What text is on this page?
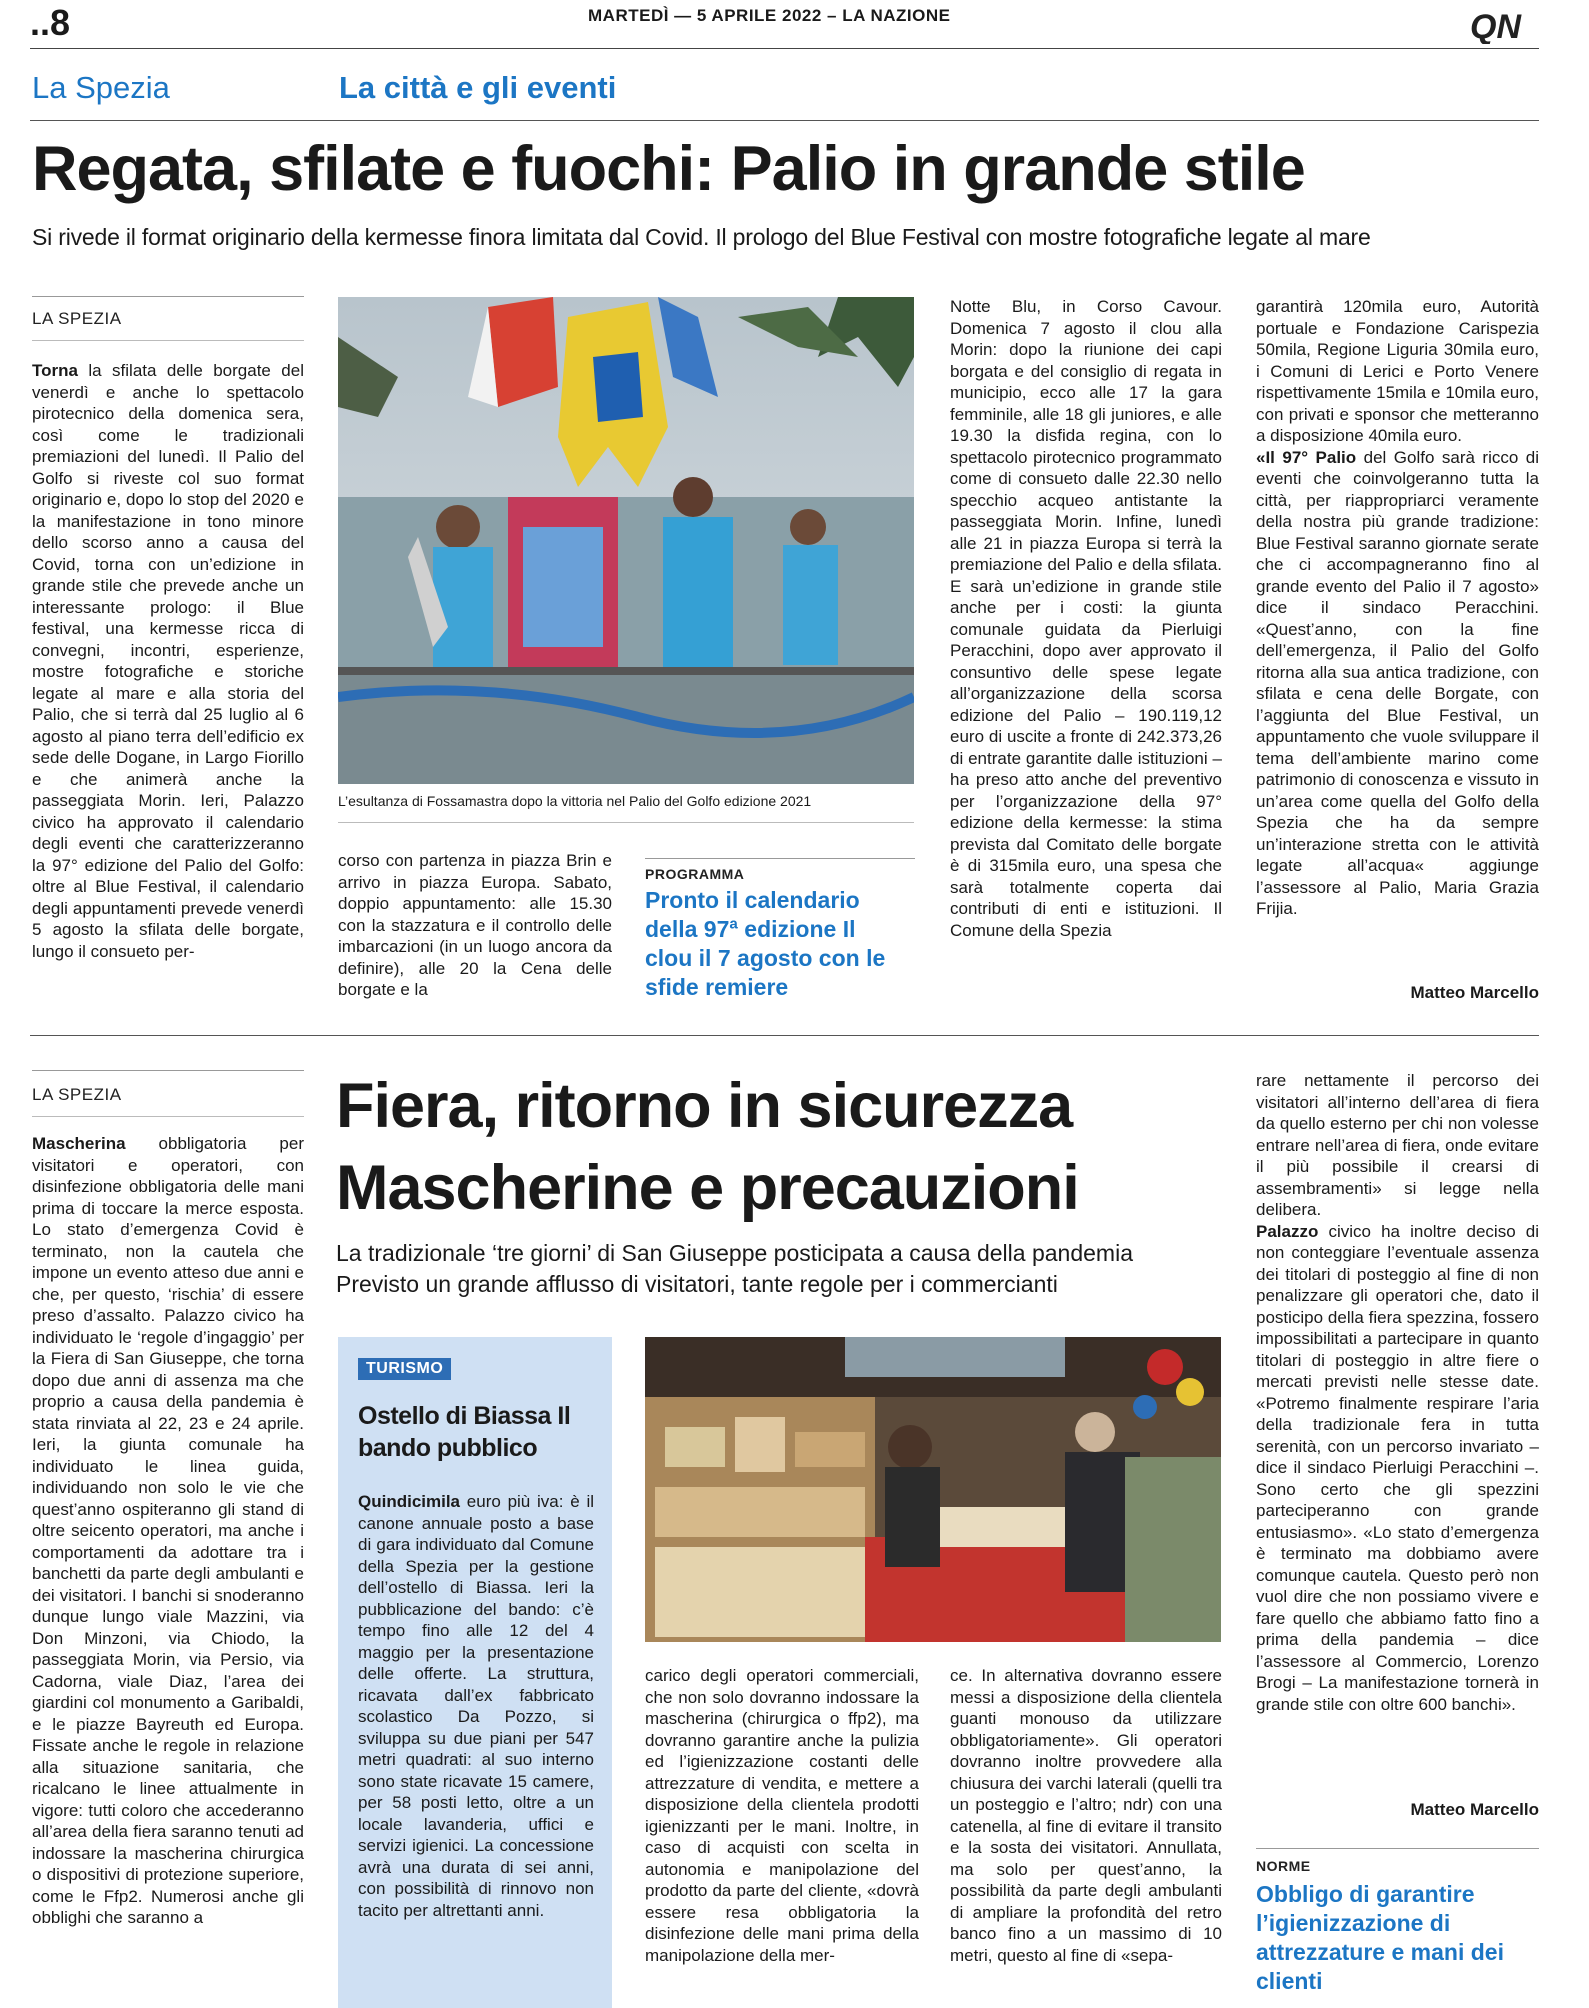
..8	MARTEDÌ — 5 APRILE 2022 – LA NAZIONE	QN
La Spezia	La città e gli eventi
Regata, sfilate e fuochi: Palio in grande stile
Si rivede il format originario della kermesse finora limitata dal Covid. Il prologo del Blue Festival con mostre fotografiche legate al mare
LA SPEZIA
Torna la sfilata delle borgate del venerdì e anche lo spettacolo pirotecnico della domenica sera, così come le tradizionali premiazioni del lunedì. Il Palio del Golfo si riveste col suo format originario e, dopo lo stop del 2020 e la manifestazione in tono minore dello scorso anno a causa del Covid, torna con un’edizione in grande stile che prevede anche un interessante prologo: il Blue festival, una kermesse ricca di convegni, incontri, esperienze, mostre fotografiche e storiche legate al mare e alla storia del Palio, che si terrà dal 25 luglio al 6 agosto al piano terra dell’edificio ex sede delle Dogane, in Largo Fiorillo e che animerà anche la passeggiata Morin. Ieri, Palazzo civico ha approvato il calendario degli eventi che caratterizzeranno la 97° edizione del Palio del Golfo: oltre al Blue Festival, il calendario degli appuntamenti prevede venerdì 5 agosto la sfilata delle borgate, lungo il consueto per-
L’esultanza di Fossamastra dopo la vittoria nel Palio del Golfo edizione 2021
corso con partenza in piazza Brin e arrivo in piazza Europa. Sabato, doppio appuntamento: alle 15.30 con la stazzatura e il controllo delle imbarcazioni (in un luogo ancora da definire), alle 20 la Cena delle borgate e la
PROGRAMMA
Pronto il calendario della 97ª edizione Il clou il 7 agosto con le sfide remiere
Notte Blu, in Corso Cavour. Domenica 7 agosto il clou alla Morin: dopo la riunione dei capi borgata e del consiglio di regata in municipio, ecco alle 17 la gara femminile, alle 18 gli juniores, e alle 19.30 la disfida regina, con lo spettacolo pirotecnico programmato come di consueto dalle 22.30 nello specchio acqueo antistante la passeggiata Morin. Infine, lunedì alle 21 in piazza Europa si terrà la premiazione del Palio e della sfilata. E sarà un’edizione in grande stile anche per i costi: la giunta comunale guidata da Pierluigi Peracchini, dopo aver approvato il consuntivo delle spese legate all’organizzazione della scorsa edizione del Palio – 190.119,12 euro di uscite a fronte di 242.373,26 di entrate garantite dalle istituzioni – ha preso atto anche del preventivo per l’organizzazione della 97° edizione della kermesse: la stima prevista dal Comitato delle borgate è di 315mila euro, una spesa che sarà totalmente coperta dai contributi di enti e istituzioni. Il Comune della Spezia
garantirà 120mila euro, Autorità portuale e Fondazione Carispezia 50mila, Regione Liguria 30mila euro, i Comuni di Lerici e Porto Venere rispettivamente 15mila e 10mila euro, con privati e sponsor che metteranno a disposizione 40mila euro.
«Il 97° Palio del Golfo sarà ricco di eventi che coinvolgeranno tutta la città, per riappropriarci veramente della nostra più grande tradizione: Blue Festival saranno giornate serate che ci accompagneranno fino al grande evento del Palio il 7 agosto» dice il sindaco Peracchini. «Quest’anno, con la fine dell’emergenza, il Palio del Golfo ritorna alla sua antica tradizione, con sfilata e cena delle Borgate, con l’aggiunta del Blue Festival, un appuntamento che vuole sviluppare il tema dell’ambiente marino come patrimonio di conoscenza e vissuto in un’area come quella del Golfo della Spezia che ha da sempre un’interazione stretta con le attività legate all’acqua« aggiunge l’assessore al Palio, Maria Grazia Frijia.
Matteo Marcello
LA SPEZIA
Mascherina obbligatoria per visitatori e operatori, con disinfezione obbligatoria delle mani prima di toccare la merce esposta. Lo stato d’emergenza Covid è terminato, non la cautela che impone un evento atteso due anni e che, per questo, ‘rischia’ di essere preso d’assalto. Palazzo civico ha individuato le ‘regole d’ingaggio’ per la Fiera di San Giuseppe, che torna dopo due anni di assenza ma che proprio a causa della pandemia è stata rinviata al 22, 23 e 24 aprile. Ieri, la giunta comunale ha individuato le linea guida, individuando non solo le vie che quest’anno ospiteranno gli stand di oltre seicento operatori, ma anche i comportamenti da adottare tra i banchetti da parte degli ambulanti e dei visitatori. I banchi si snoderanno dunque lungo viale Mazzini, via Don Minzoni, via Chiodo, la passeggiata Morin, via Persio, via Cadorna, viale Diaz, l’area dei giardini col monumento a Garibaldi, e le piazze Bayreuth ed Europa. Fissate anche le regole in relazione alla situazione sanitaria, che ricalcano le linee attualmente in vigore: tutti coloro che accederanno all’area della fiera saranno tenuti ad indossare la mascherina chirurgica o dispositivi di protezione superiore, come le Ffp2. Numerosi anche gli obblighi che saranno a
Fiera, ritorno in sicurezza
Mascherine e precauzioni
La tradizionale ‘tre giorni’ di San Giuseppe posticipata a causa della pandemia
Previsto un grande afflusso di visitatori, tante regole per i commercianti
TURISMO
Ostello di Biassa Il bando pubblico
Quindicimila euro più iva: è il canone annuale posto a base di gara individuato dal Comune della Spezia per la gestione dell’ostello di Biassa. Ieri la pubblicazione del bando: c’è tempo fino alle 12 del 4 maggio per la presentazione delle offerte. La struttura, ricavata dall’ex fabbricato scolastico Da Pozzo, si sviluppa su due piani per 547 metri quadrati: al suo interno sono state ricavate 15 camere, per 58 posti letto, oltre a un locale lavanderia, uffici e servizi igienici. La concessione avrà una durata di sei anni, con possibilità di rinnovo non tacito per altrettanti anni.
carico degli operatori commerciali, che non solo dovranno indossare la mascherina (chirurgica o ffp2), ma dovranno garantire anche la pulizia ed l’igienizzazione costanti delle attrezzature di vendita, e mettere a disposizione della clientela prodotti igienizzanti per le mani. Inoltre, in caso di acquisti con scelta in autonomia e manipolazione del prodotto da parte del cliente, «dovrà essere resa obbligatoria la disinfezione delle mani prima della manipolazione della mer-
ce. In alternativa dovranno essere messi a disposizione della clientela guanti monouso da utilizzare obbligatoriamente». Gli operatori dovranno inoltre provvedere alla chiusura dei varchi laterali (quelli tra un posteggio e l’altro; ndr) con una catenella, al fine di evitare il transito e la sosta dei visitatori. Annullata, ma solo per quest’anno, la possibilità da parte degli ambulanti di ampliare la profondità del retro banco fino a un massimo di 10 metri, questo al fine di «sepa-
rare nettamente il percorso dei visitatori all’interno dell’area di fiera da quello esterno per chi non volesse entrare nell’area di fiera, onde evitare il più possibile il crearsi di assembramenti» si legge nella delibera.
Palazzo civico ha inoltre deciso di non conteggiare l’eventuale assenza dei titolari di posteggio al fine di non penalizzare gli operatori che, dato il posticipo della fiera spezzina, fossero impossibilitati a partecipare in quanto titolari di posteggio in altre fiere o mercati previsti nelle stesse date. «Potremo finalmente respirare l’aria della tradizionale fera in tutta serenità, con un percorso invariato – dice il sindaco Pierluigi Peracchini –. Sono certo che gli spezzini parteciperanno con grande entusiasmo». «Lo stato d’emergenza è terminato ma dobbiamo avere comunque cautela. Questo però non vuol dire che non possiamo vivere e fare quello che abbiamo fatto fino a prima della pandemia – dice l’assessore al Commercio, Lorenzo Brogi – La manifestazione tornerà in grande stile con oltre 600 banchi».
Matteo Marcello
NORME
Obbligo di garantire l’igienizzazione di attrezzature e mani dei clienti
